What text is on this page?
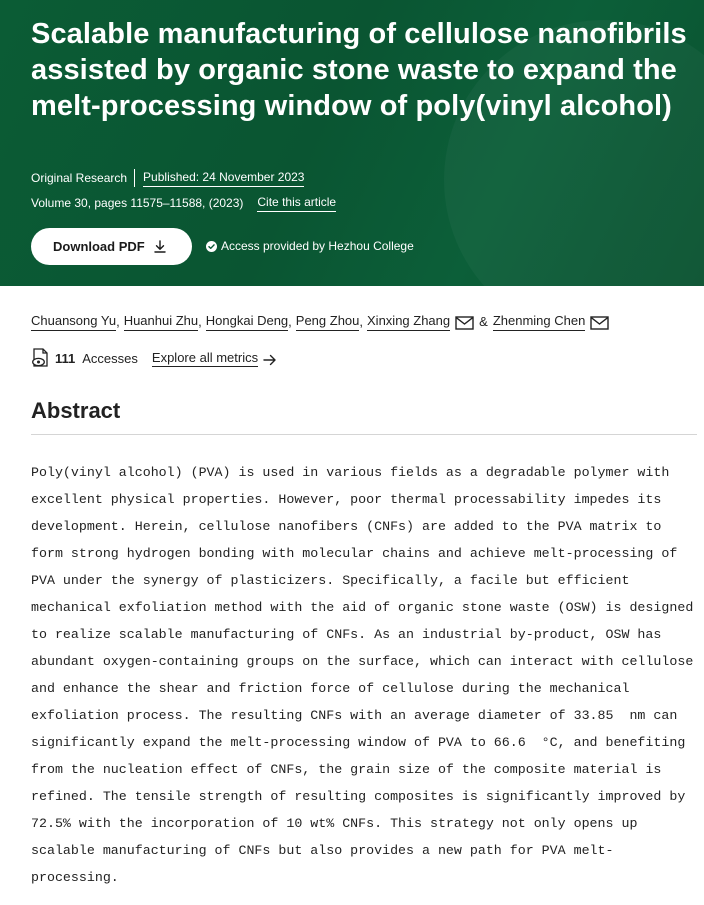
Scalable manufacturing of cellulose nanofibrils assisted by organic stone waste to expand the melt-processing window of poly(vinyl alcohol)
Original Research Published: 24 November 2023
Volume 30, pages 11575–11588, (2023) Cite this article
Download PDF	Access provided by Hezhou College
Chuansong Yu , Huanhui Zhu , Hongkai Deng , Peng Zhou , Xinxing Zhang & Zhenming Chen
111 Accesses Explore all metrics
Abstract
Poly(vinyl alcohol) (PVA) is used in various fields as a degradable polymer with
excellent physical properties. However, poor thermal processability impedes its
development. Herein, cellulose nanofibers (CNFs) are added to the PVA matrix to
form strong hydrogen bonding with molecular chains and achieve melt-processing of
PVA under the synergy of plasticizers. Specifically, a facile but efficient
mechanical exfoliation method with the aid of organic stone waste (OSW) is designed
to realize scalable manufacturing of CNFs. As an industrial by-product, OSW has
abundant oxygen-containing groups on the surface, which can interact with cellulose
and enhance the shear and friction force of cellulose during the mechanical
exfoliation process. The resulting CNFs with an average diameter of 33.85  nm can
significantly expand the melt-processing window of PVA to 66.6  °C, and benefiting
from the nucleation effect of CNFs, the grain size of the composite material is
refined. The tensile strength of resulting composites is significantly improved by
72.5% with the incorporation of 10 wt% CNFs. This strategy not only opens up
scalable manufacturing of CNFs but also provides a new path for PVA melt-
processing.
